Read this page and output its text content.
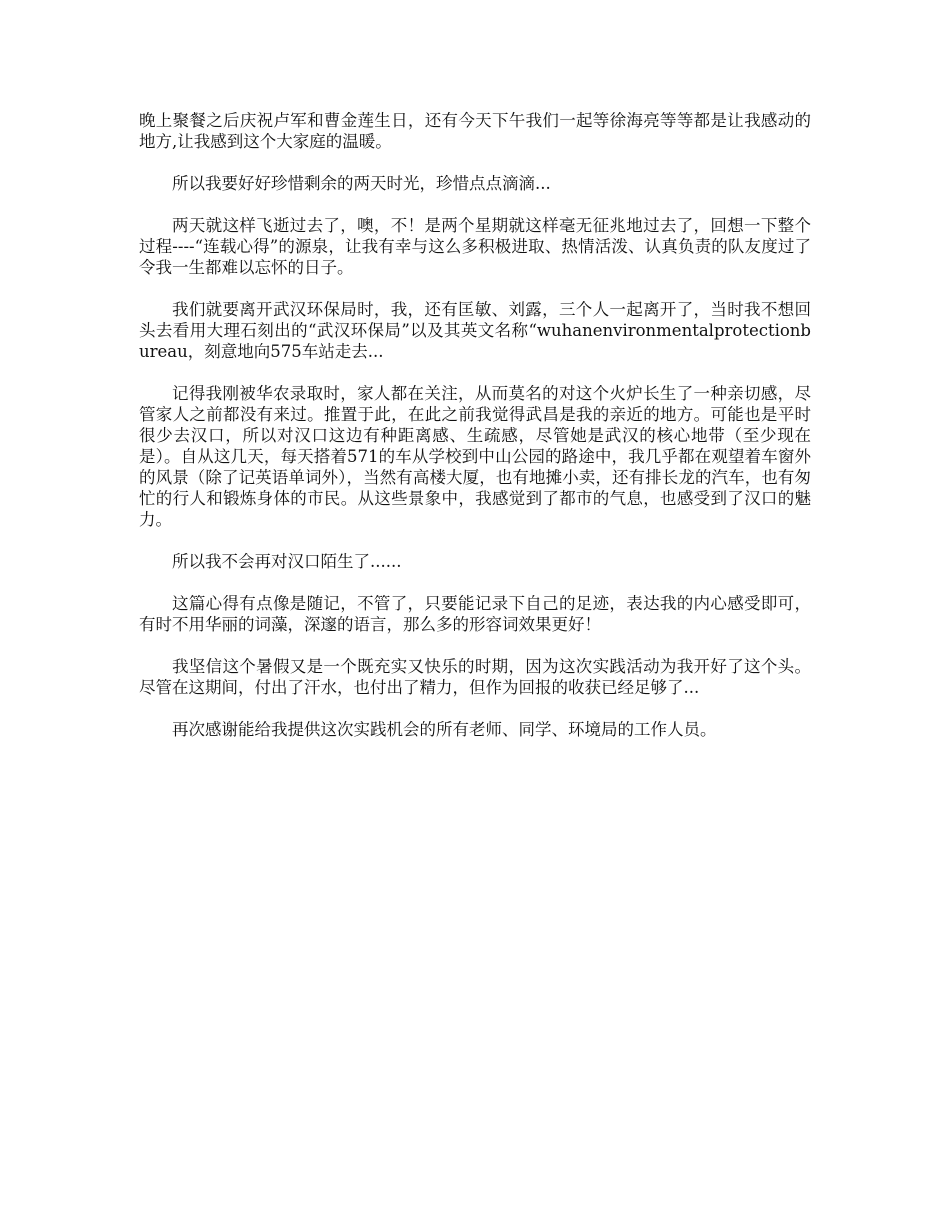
晚上聚餐之后庆祝卢军和曹金莲生日，还有今天下午我们一起等徐海亮等等都是让我感动的地方,让我感到这个大家庭的温暖。

所以我要好好珍惜剩余的两天时光，珍惜点点滴滴...

两天就这样飞逝过去了，噢，不！是两个星期就这样毫无征兆地过去了，回想一下整个过程----“连载心得”的源泉，让我有幸与这么多积极进取、热情活泼、认真负责的队友度过了令我一生都难以忘怀的日子。

我们就要离开武汉环保局时，我，还有匡敏、刘露，三个人一起离开了，当时我不想回头去看用大理石刻出的“武汉环保局”以及其英文名称“wuhanenvironmentalprotectionbureau，刻意地向575车站走去...

记得我刚被华农录取时，家人都在关注，从而莫名的对这个火炉长生了一种亲切感，尽管家人之前都没有来过。推置于此，在此之前我觉得武昌是我的亲近的地方。可能也是平时很少去汉口，所以对汉口这边有种距离感、生疏感，尽管她是武汉的核心地带（至少现在是）。自从这几天，每天搭着571的车从学校到中山公园的路途中，我几乎都在观望着车窗外的风景（除了记英语单词外），当然有高楼大厦，也有地摊小卖，还有排长龙的汽车，也有匆忙的行人和锻炼身体的市民。从这些景象中，我感觉到了都市的气息，也感受到了汉口的魅力。

所以我不会再对汉口陌生了......

这篇心得有点像是随记，不管了，只要能记录下自己的足迹，表达我的内心感受即可，有时不用华丽的词藻，深邃的语言，那么多的形容词效果更好！

我坚信这个暑假又是一个既充实又快乐的时期，因为这次实践活动为我开好了这个头。尽管在这期间，付出了汗水，也付出了精力，但作为回报的收获已经足够了...

再次感谢能给我提供这次实践机会的所有老师、同学、环境局的工作人员。
